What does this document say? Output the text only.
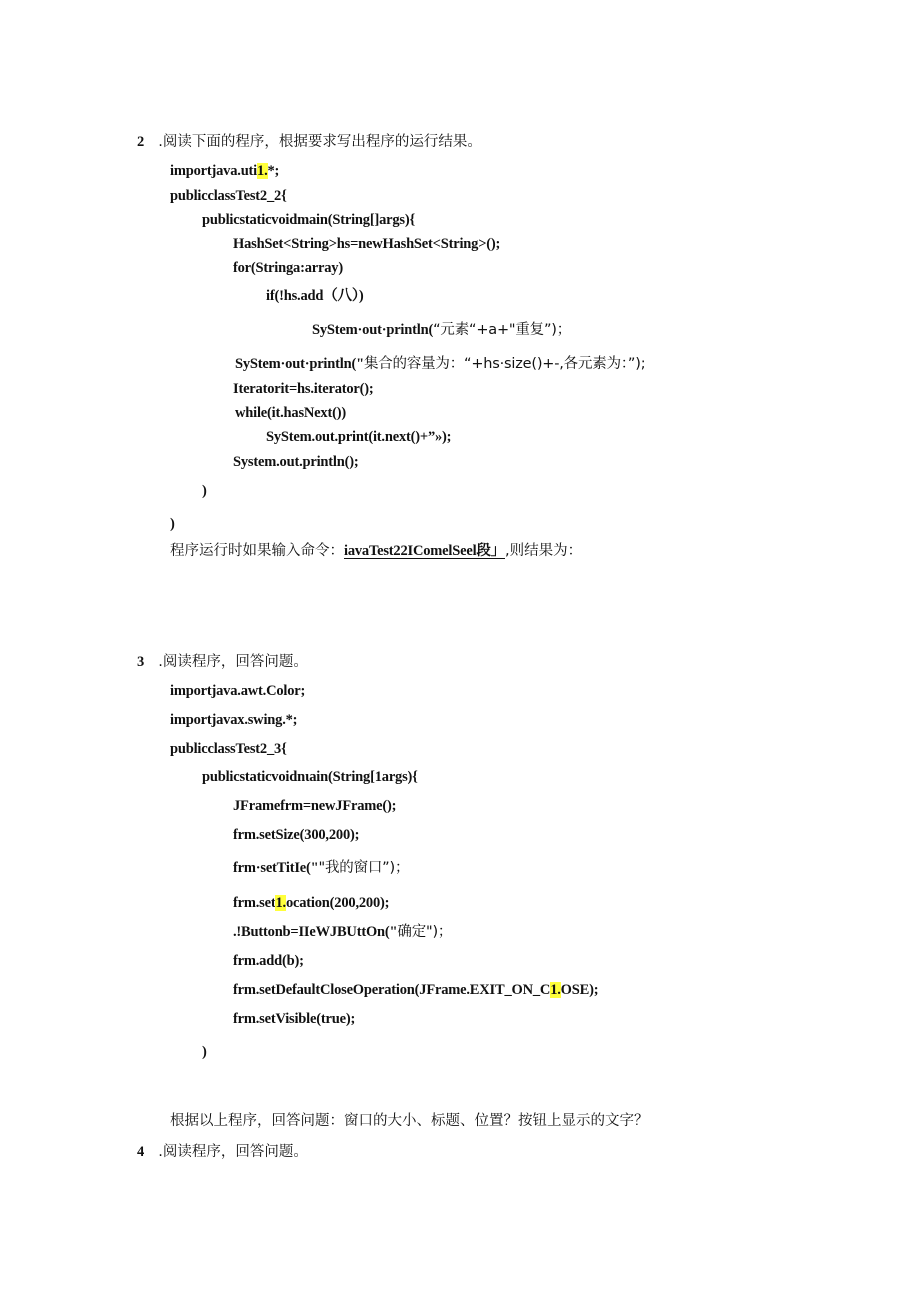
2 .阅读下面的程序，根据要求写出程序的运行结果。
importjava.uti1.*;
publicclassTest2_2{
publicstaticvoidmain(String[]args){
HashSet<String>hs=newHashSet<String>();
for(Stringa:array)
if(!hs.add（八）)
SyStem·out·println(“元素“+a+"重复”)；
SyStem·out·println("集合的容量为：“+hs·size()+-,各元素为：”);
Iteratorit=hs.iterator();
while(it.hasNext())
SyStem.out.print(it.next()+”»);
System.out.println();
)
)
程序运行时如果输入命令：iavaTest22IComelSeel段」,则结果为：
3 .阅读程序，回答问题。
importjava.awt.Color;
importjavax.swing.*;
publicclassTest2_3{
publicstaticvoidnιain(String[1args){
JFramefrm=newJFrame();
frm.setSize(300,200);
frm·setTitIe(""我的窗口”)；
frm.set1.ocation(200,200);
.!Buttonb=IIeWJBUttOn("确定")；
frm.add(b);
frm.setDefaultCloseOperation(JFrame.EXIT_ON_C1.OSE);
frm.setVisible(true);
)
根据以上程序，回答问题：窗口的大小、标题、位置？按钮上显示的文字？
4 .阅读程序，回答问题。
